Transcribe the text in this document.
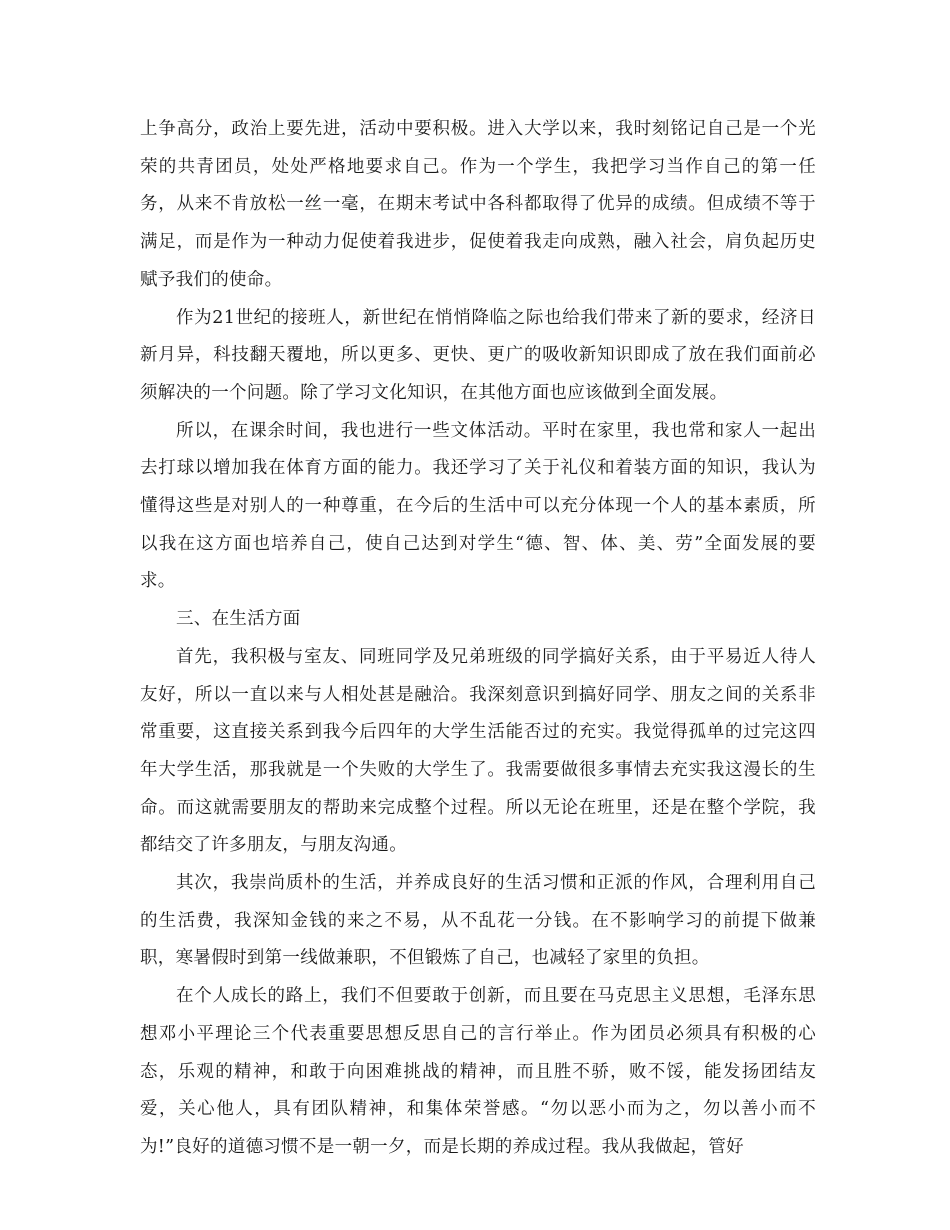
上争高分，政治上要先进，活动中要积极。进入大学以来，我时刻铭记自己是一个光荣的共青团员，处处严格地要求自己。作为一个学生，我把学习当作自己的第一任务，从来不肯放松一丝一毫，在期末考试中各科都取得了优异的成绩。但成绩不等于满足，而是作为一种动力促使着我进步，促使着我走向成熟，融入社会，肩负起历史赋予我们的使命。

作为21世纪的接班人，新世纪在悄悄降临之际也给我们带来了新的要求，经济日新月异，科技翻天覆地，所以更多、更快、更广的吸收新知识即成了放在我们面前必须解决的一个问题。除了学习文化知识，在其他方面也应该做到全面发展。

所以，在课余时间，我也进行一些文体活动。平时在家里，我也常和家人一起出去打球以增加我在体育方面的能力。我还学习了关于礼仪和着装方面的知识，我认为懂得这些是对别人的一种尊重，在今后的生活中可以充分体现一个人的基本素质，所以我在这方面也培养自己，使自己达到对学生“德、智、体、美、劳”全面发展的要求。

三、在生活方面

首先，我积极与室友、同班同学及兄弟班级的同学搞好关系，由于平易近人待人友好，所以一直以来与人相处甚是融洽。我深刻意识到搞好同学、朋友之间的关系非常重要，这直接关系到我今后四年的大学生活能否过的充实。我觉得孤单的过完这四年大学生活，那我就是一个失败的大学生了。我需要做很多事情去充实我这漫长的生命。而这就需要朋友的帮助来完成整个过程。所以无论在班里，还是在整个学院，我都结交了许多朋友，与朋友沟通。

其次，我崇尚质朴的生活，并养成良好的生活习惯和正派的作风，合理利用自己的生活费，我深知金钱的来之不易，从不乱花一分钱。在不影响学习的前提下做兼职，寒暑假时到第一线做兼职，不但锻炼了自己，也减轻了家里的负担。

在个人成长的路上，我们不但要敢于创新，而且要在马克思主义思想，毛泽东思想邓小平理论三个代表重要思想反思自己的言行举止。作为团员必须具有积极的心态，乐观的精神，和敢于向困难挑战的精神，而且胜不骄，败不馁，能发扬团结友爱，关心他人，具有团队精神，和集体荣誉感。“勿以恶小而为之，勿以善小而不为!”良好的道德习惯不是一朝一夕，而是长期的养成过程。我从我做起，管好
